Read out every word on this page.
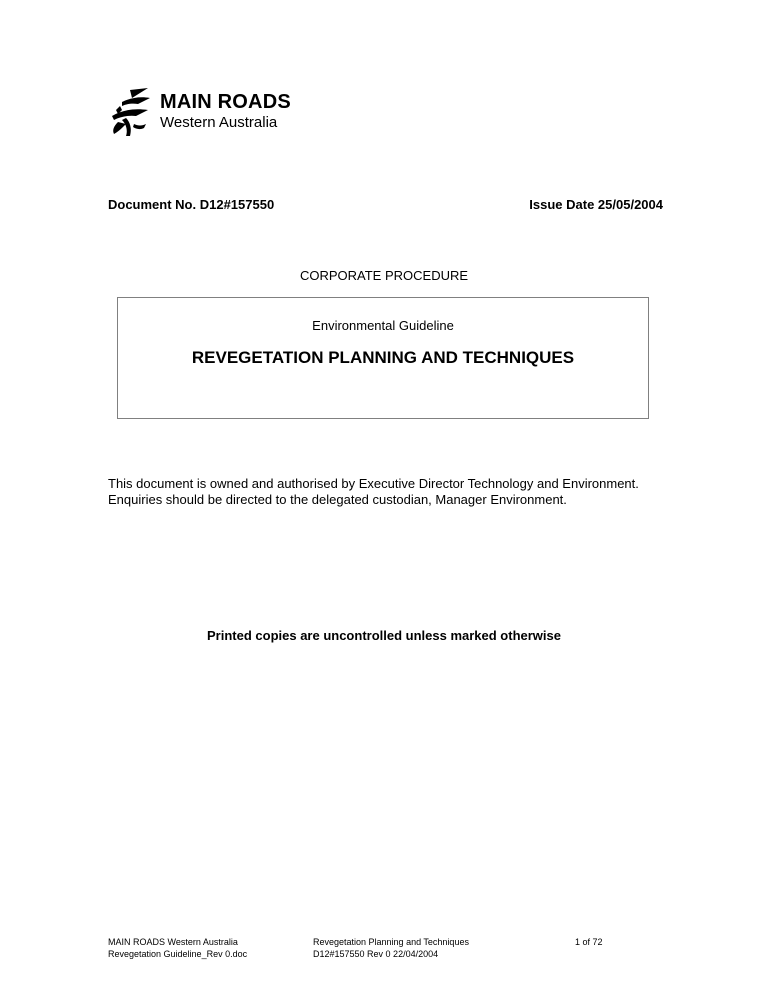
MAIN ROADS
Western Australia
Document No. D12#157550	Issue Date 25/05/2004
CORPORATE PROCEDURE
Environmental Guideline
REVEGETATION PLANNING AND TECHNIQUES
This document is owned and authorised by Executive Director Technology and Environment.
Enquiries should be directed to the delegated custodian, Manager Environment.
Printed copies are uncontrolled unless marked otherwise
MAIN ROADS Western Australia
Revegetation Guideline_Rev 0.doc
Revegetation Planning and Techniques
D12#157550 Rev 0 22/04/2004
1 of 72
